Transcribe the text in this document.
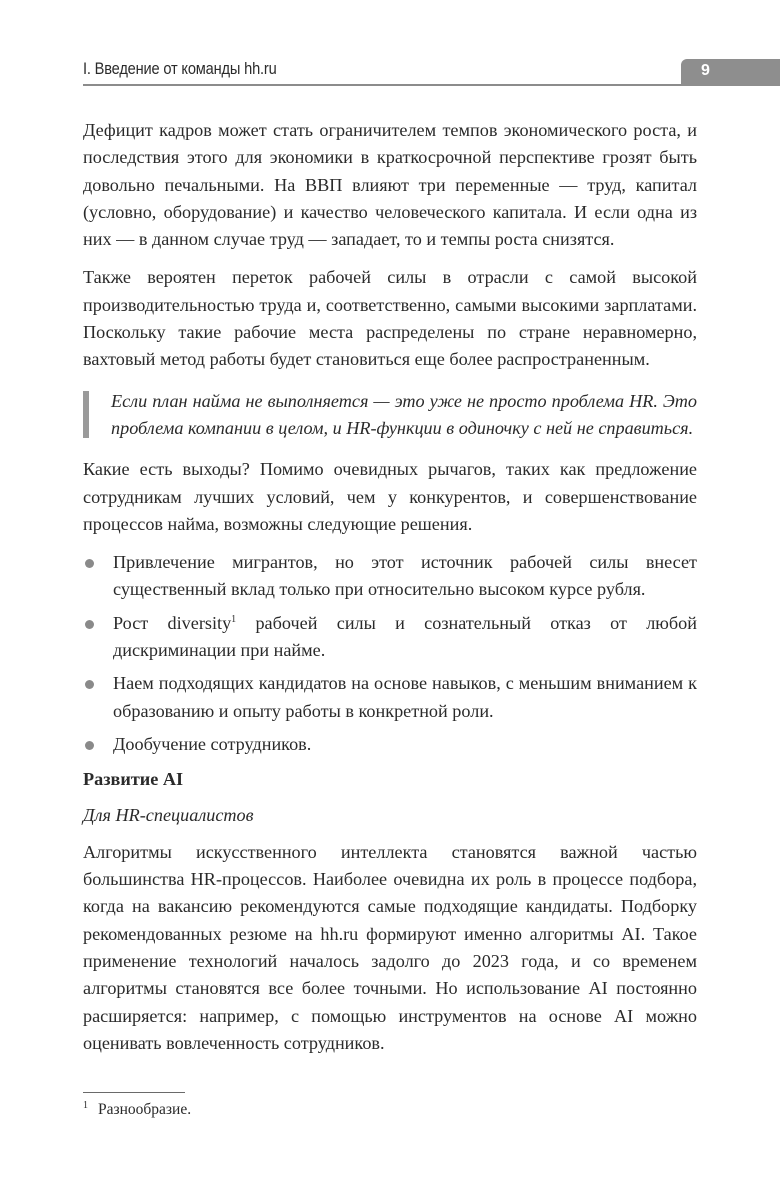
I. Введение от команды hh.ru	9

Дефицит кадров может стать ограничителем темпов экономического роста, и последствия этого для экономики в краткосрочной перспективе грозят быть довольно печальными. На ВВП влияют три переменные — труд, капитал (условно, оборудование) и качество человеческого капитала. И если одна из них — в данном случае труд — западает, то и темпы роста снизятся.

Также вероятен переток рабочей силы в отрасли с самой высокой производительностью труда и, соответственно, самыми высокими зарплатами. Поскольку такие рабочие места распределены по стране неравномерно, вахтовый метод работы будет становиться еще более распространенным.

Если план найма не выполняется — это уже не просто проблема HR. Это проблема компании в целом, и HR-функции в одиночку с ней не справиться.

Какие есть выходы? Помимо очевидных рычагов, таких как предложение сотрудникам лучших условий, чем у конкурентов, и совершенствование процессов найма, возможны следующие решения.

Привлечение мигрантов, но этот источник рабочей силы внесет существенный вклад только при относительно высоком курсе рубля.
Рост diversity$^1$ рабочей силы и сознательный отказ от любой дискриминации при найме.
Наем подходящих кандидатов на основе навыков, с меньшим вниманием к образованию и опыту работы в конкретной роли.
Дообучение сотрудников.
Развитие AI
Для HR-специалистов

Алгоритмы искусственного интеллекта становятся важной частью большинства HR-процессов. Наиболее очевидна их роль в процессе подбора, когда на вакансию рекомендуются самые подходящие кандидаты. Подборку рекомендованных резюме на hh.ru формируют именно алгоритмы AI. Такое применение технологий началось задолго до 2023 года, и со временем алгоритмы становятся все более точными. Но использование AI постоянно расширяется: например, с помощью инструментов на основе AI можно оценивать вовлеченность сотрудников.

$^1$ Разнообразие.
